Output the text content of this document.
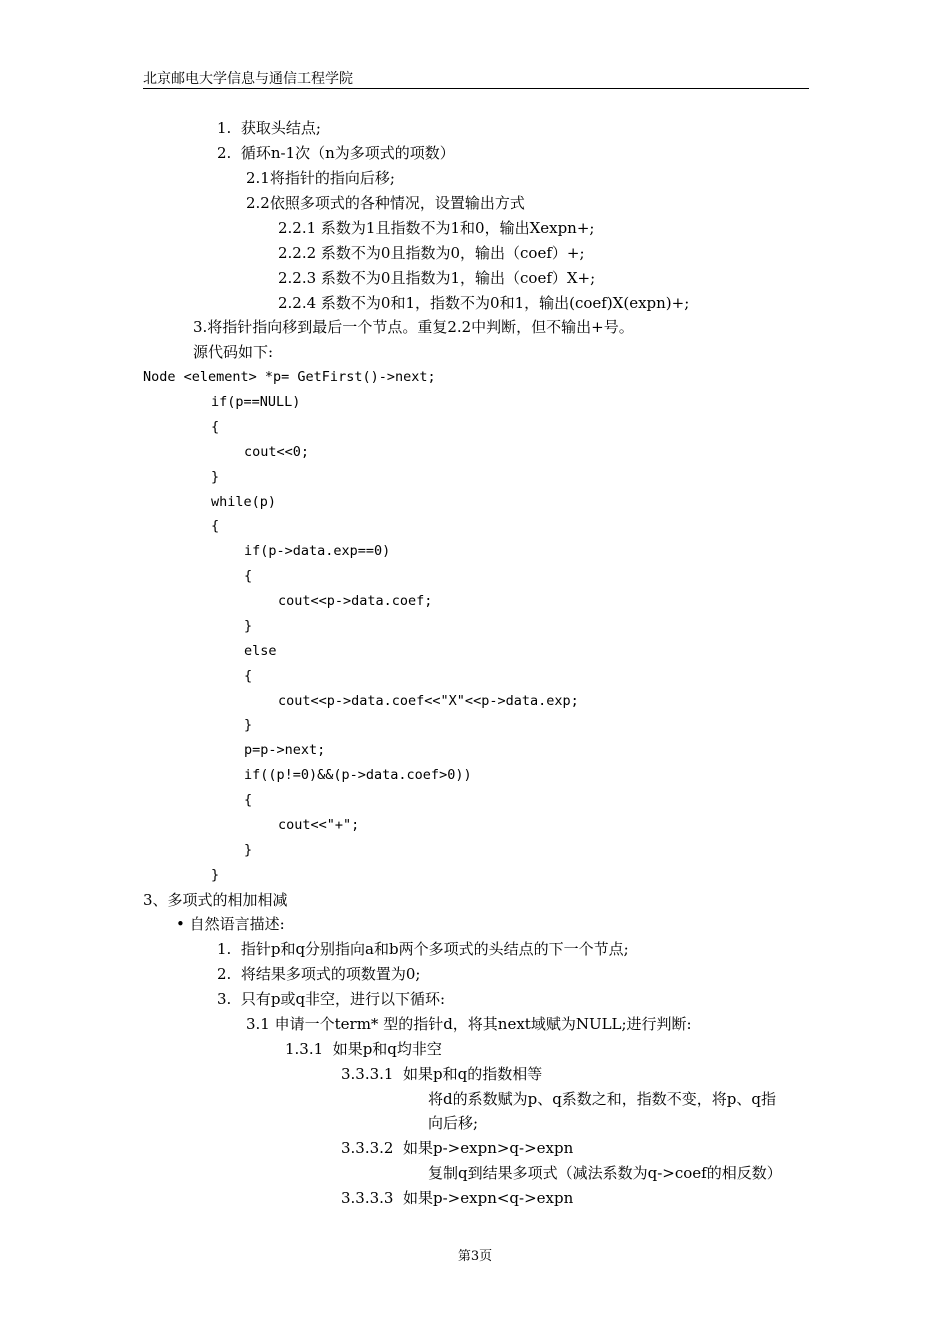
北京邮电大学信息与通信工程学院
1.  获取头结点;
2.  循环n-1次（n为多项式的项数）
2.1将指针的指向后移;
2.2依照多项式的各种情况，设置输出方式
2.2.1 系数为1且指数不为1和0，输出Xexpn+;
2.2.2 系数不为0且指数为0，输出（coef）+;
2.2.3 系数不为0且指数为1，输出（coef）X+;
2.2.4 系数不为0和1，指数不为0和1，输出(coef)X(expn)+;
3.将指针指向移到最后一个节点。重复2.2中判断，但不输出+号。
源代码如下:
Node <element> *p= GetFirst()->next;
if(p==NULL)
{
cout<<0;
}
while(p)
{
if(p->data.exp==0)
{
cout<<p->data.coef;
}
else
{
cout<<p->data.coef<<"X"<<p->data.exp;
}
p=p->next;
if((p!=0)&&(p->data.coef>0))
{
cout<<"+";
}
}
3、多项式的相加相减
• 自然语言描述:
1.  指针p和q分别指向a和b两个多项式的头结点的下一个节点;
2.  将结果多项式的项数置为0;
3.  只有p或q非空，进行以下循环:
3.1 申请一个term* 型的指针d，将其next域赋为NULL;进行判断:
1.3.1  如果p和q均非空
3.3.3.1  如果p和q的指数相等
将d的系数赋为p、q系数之和，指数不变，将p、q指
向后移;
3.3.3.2  如果p->expn>q->expn
复制q到结果多项式（减法系数为q->coef的相反数）
3.3.3.3  如果p->expn<q->expn
第3页
